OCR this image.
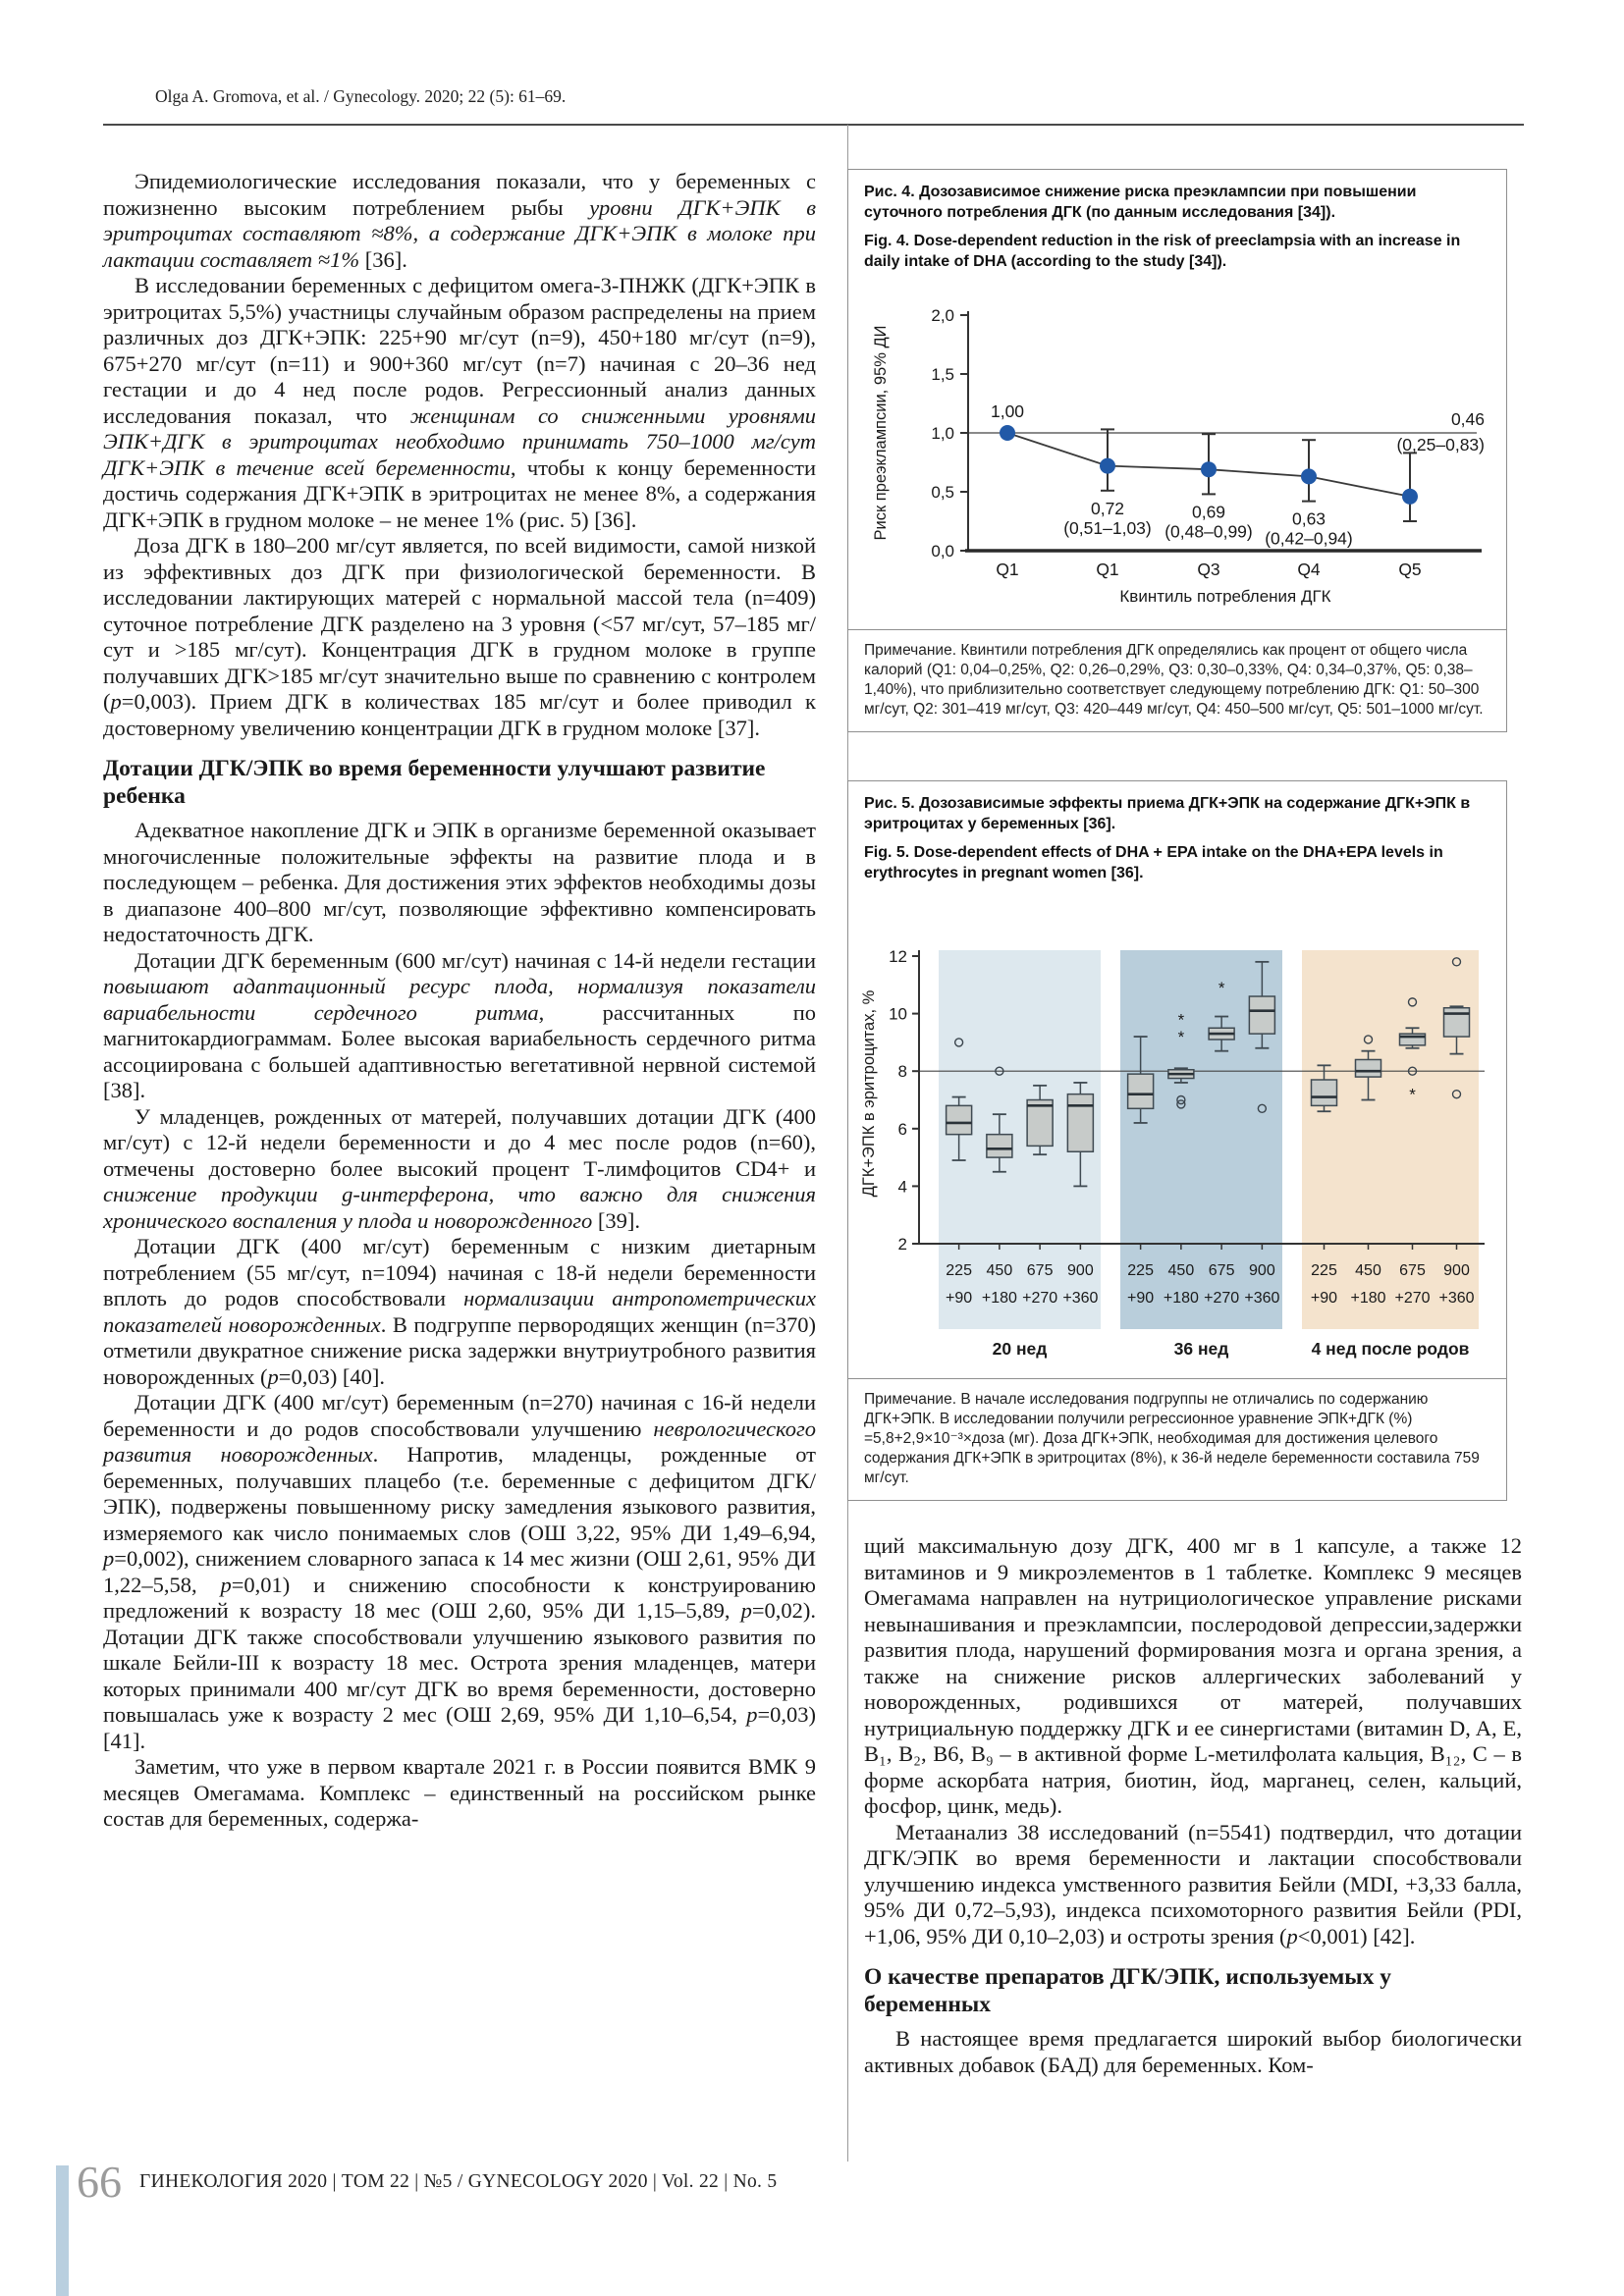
Olga A. Gromova, et al. / Gynecology. 2020; 22 (5): 61–69.

Эпидемиологические исследования показали, что у беременных с пожизненно высоким потреблением рыбы уровни ДГК+ЭПК в эритроцитах составляют ≈8%, а содержание ДГК+ЭПК в молоке при лактации составляет ≈1% [36].

В исследовании беременных с дефицитом омега-3-ПНЖК (ДГК+ЭПК в эритроцитах 5,5%) участницы случайным образом распределены на прием различных доз ДГК+ЭПК: 225+90 мг/сут (n=9), 450+180 мг/сут (n=9), 675+270 мг/сут (n=11) и 900+360 мг/сут (n=7) начиная с 20–36 нед гестации и до 4 нед после родов. Регрессионный анализ данных исследования показал, что женщинам со сниженными уровнями ЭПК+ДГК в эритроцитах необходимо принимать 750–1000 мг/сут ДГК+ЭПК в течение всей беременности, чтобы к концу беременности достичь содержания ДГК+ЭПК в эритроцитах не менее 8%, а содержания ДГК+ЭПК в грудном молоке – не менее 1% (рис. 5) [36].

Доза ДГК в 180–200 мг/сут является, по всей видимости, самой низкой из эффективных доз ДГК при физиологической беременности. В исследовании лактирующих матерей с нормальной массой тела (n=409) суточное потребление ДГК разделено на 3 уровня (<57 мг/сут, 57–185 мг/сут и >185 мг/сут). Концентрация ДГК в грудном молоке в группе получавших ДГК>185 мг/сут значительно выше по сравнению с контролем (p=0,003). Прием ДГК в количествах 185 мг/сут и более приводил к достоверному увеличению концентрации ДГК в грудном молоке [37].

Дотации ДГК/ЭПК во время беременности улучшают развитие ребенка

Адекватное накопление ДГК и ЭПК в организме беременной оказывает многочисленные положительные эффекты на развитие плода и в последующем – ребенка. Для достижения этих эффектов необходимы дозы в диапазоне 400–800 мг/сут, позволяющие эффективно компенсировать недостаточность ДГК.

Дотации ДГК беременным (600 мг/сут) начиная с 14-й недели гестации повышают адаптационный ресурс плода, нормализуя показатели вариабельности сердечного ритма, рассчитанных по магнитокардиограммам. Более высокая вариабельность сердечного ритма ассоциирована с большей адаптивностью вегетативной нервной системой [38].

У младенцев, рожденных от матерей, получавших дотации ДГК (400 мг/сут) с 12-й недели беременности и до 4 мес после родов (n=60), отмечены достоверно более высокий процент Т-лимфоцитов CD4+ и снижение продукции g-интерферона, что важно для снижения хронического воспаления у плода и новорожденного [39].

Дотации ДГК (400 мг/сут) беременным с низким диетарным потреблением (55 мг/сут, n=1094) начиная с 18-й недели беременности вплоть до родов способствовали нормализации антропометрических показателей новорожденных. В подгруппе первородящих женщин (n=370) отметили двукратное снижение риска задержки внутриутробного развития новорожденных (p=0,03) [40].

Дотации ДГК (400 мг/сут) беременным (n=270) начиная с 16-й недели беременности и до родов способствовали улучшению неврологического развития новорожденных. Напротив, младенцы, рожденные от беременных, получавших плацебо (т.е. беременные с дефицитом ДГК/ЭПК), подвержены повышенному риску замедления языкового развития, измеряемого как число понимаемых слов (ОШ 3,22, 95% ДИ 1,49–6,94, p=0,002), снижением словарного запаса к 14 мес жизни (ОШ 2,61, 95% ДИ 1,22–5,58, p=0,01) и снижению способности к конструированию предложений к возрасту 18 мес (ОШ 2,60, 95% ДИ 1,15–5,89, p=0,02). Дотации ДГК также способствовали улучшению языкового развития по шкале Бейли-III к возрасту 18 мес. Острота зрения младенцев, матери которых принимали 400 мг/сут ДГК во время беременности, достоверно повышалась уже к возрасту 2 мес (ОШ 2,69, 95% ДИ 1,10–6,54, p=0,03) [41].

Заметим, что уже в первом квартале 2021 г. в России появится ВМК 9 месяцев Омегамама. Комплекс – единственный на российском рынке состав для беременных, содержа-

Рис. 4. Дозозависимое снижение риска преэклампсии при повышении суточного потребления ДГК (по данным исследования [34]).

Fig. 4. Dose-dependent reduction in the risk of preeclampsia with an increase in daily intake of DHA (according to the study [34]).

0,0
0,5
1,0
1,5
2,0
Q1	Q1	Q3	Q4	Q5
Квинтиль потребления ДГК
Риск преэклампсии, 95% ДИ	1,00
0,72
(0,51–1,03)
0,69
(0,48–0,99)
0,63
(0,42–0,94)
0,46
(0,25–0,83)
Примечание. Квинтили потребления ДГК определялись как процент от общего числа калорий (Q1: 0,04–0,25%, Q2: 0,26–0,29%, Q3: 0,30–0,33%, Q4: 0,34–0,37%, Q5: 0,38–1,40%), что приблизительно соответствует следующему потреблению ДГК: Q1: 50–300 мг/сут, Q2: 301–419 мг/сут, Q3: 420–449 мг/сут, Q4: 450–500 мг/сут, Q5: 501–1000 мг/сут.

Рис. 5. Дозозависимые эффекты приема ДГК+ЭПК на содержание ДГК+ЭПК в эритроцитах у беременных [36].

Fig. 5. Dose-dependent effects of DHA + EPA intake on the DHA+EPA levels in erythrocytes in pregnant women [36].

2
4
6
8
10
12
ДГК+ЭПК в эритроцитах, %
225
+90
450
+180
675
+270
900
+360
20 нед
225
+90
*
*
450
+180
*
675
+270
900
+360
36 нед
225
+90
450
+180
*
675
+270
900
+360
4 нед после родов
Примечание. В начале исследования подгруппы не отличались по содержанию ДГК+ЭПК. В исследовании получили регрессионное уравнение ЭПК+ДГК (%) =5,8+2,9×10⁻³×доза (мг). Доза ДГК+ЭПК, необходимая для достижения целевого содержания ДГК+ЭПК в эритроцитах (8%), к 36-й неделе беременности составила 759 мг/сут.

щий максимальную дозу ДГК, 400 мг в 1 капсуле, а также 12 витаминов и 9 микроэлементов в 1 таблетке. Комплекс 9 месяцев Омегамама направлен на нутрициологическое управление рисками невынашивания и преэклампсии, послеродовой депрессии,задержки развития плода, нарушений формирования мозга и органа зрения, а также на снижение рисков аллергических заболеваний у новорожденных, родившихся от матерей, получавших нутрициальную поддержку ДГК и ее синергистами (витамин D, A, E, B₁, B₂, B6, B₉ – в активной форме L-метилфолата кальция, B₁₂, C – в форме аскорбата натрия, биотин, йод, марганец, селен, кальций, фосфор, цинк, медь).

Метаанализ 38 исследований (n=5541) подтвердил, что дотации ДГК/ЭПК во время беременности и лактации способствовали улучшению индекса умственного развития Бейли (MDI, +3,33 балла, 95% ДИ 0,72–5,93), индекса психомоторного развития Бейли (PDI, +1,06, 95% ДИ 0,10–2,03) и остроты зрения (p<0,001) [42].

О качестве препаратов ДГК/ЭПК, используемых у беременных

В настоящее время предлагается широкий выбор биологически активных добавок (БАД) для беременных. Ком-

66 ГИНЕКОЛОГИЯ 2020 | ТОМ 22 | №5 / GYNECOLOGY 2020 | Vol. 22 | No. 5
